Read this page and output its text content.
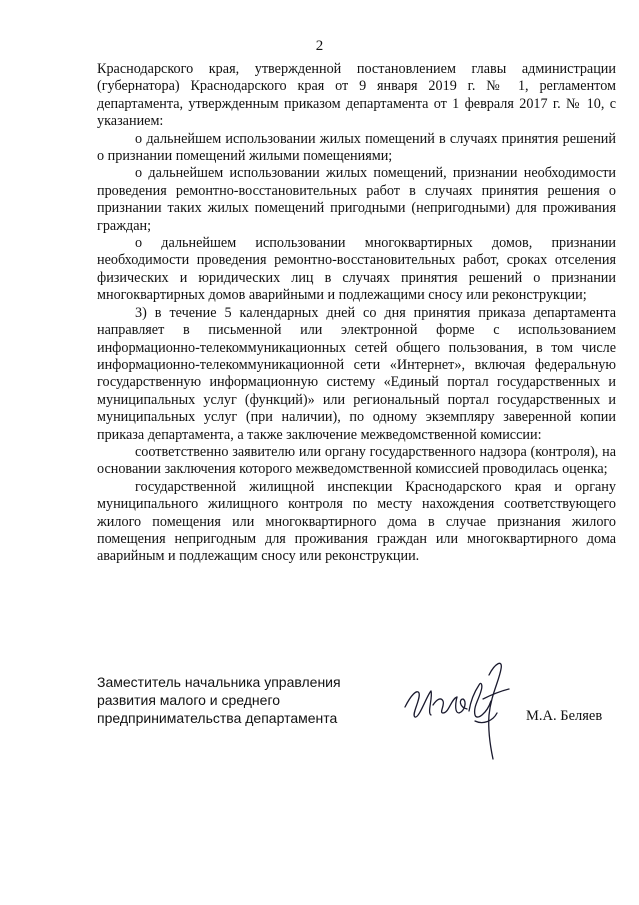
2

Краснодарского края, утвержденной постановлением главы администрации (губернатора) Краснодарского края от 9 января 2019 г. № 1, регламентом департамента, утвержденным приказом департамента от 1 февраля 2017 г. № 10, с указанием:

о дальнейшем использовании жилых помещений в случаях принятия решений о признании помещений жилыми помещениями;

о дальнейшем использовании жилых помещений, признании необходимости проведения ремонтно-восстановительных работ в случаях принятия решения о признании таких жилых помещений пригодными (непригодными) для проживания граждан;

о дальнейшем использовании многоквартирных домов, признании необходимости проведения ремонтно-восстановительных работ, сроках отселения физических и юридических лиц в случаях принятия решений о признании многоквартирных домов аварийными и подлежащими сносу или реконструкции;

3) в течение 5 календарных дней со дня принятия приказа департамента направляет в письменной или электронной форме с использованием информационно-телекоммуникационных сетей общего пользования, в том числе информационно-телекоммуникационной сети «Интернет», включая федеральную государственную информационную систему «Единый портал государственных и муниципальных услуг (функций)» или региональный портал государственных и муниципальных услуг (при наличии), по одному экземпляру заверенной копии приказа департамента, а также заключение межведомственной комиссии:

соответственно заявителю или органу государственного надзора (контроля), на основании заключения которого межведомственной комиссией проводилась оценка;

государственной жилищной инспекции Краснодарского края и органу муниципального жилищного контроля по месту нахождения соответствующего жилого помещения или многоквартирного дома в случае признания жилого помещения непригодным для проживания граждан или многоквартирного дома аварийным и подлежащим сносу или реконструкции.

Заместитель начальника управления
развития малого и среднего
предпринимательства департамента	М.А. Беляев
